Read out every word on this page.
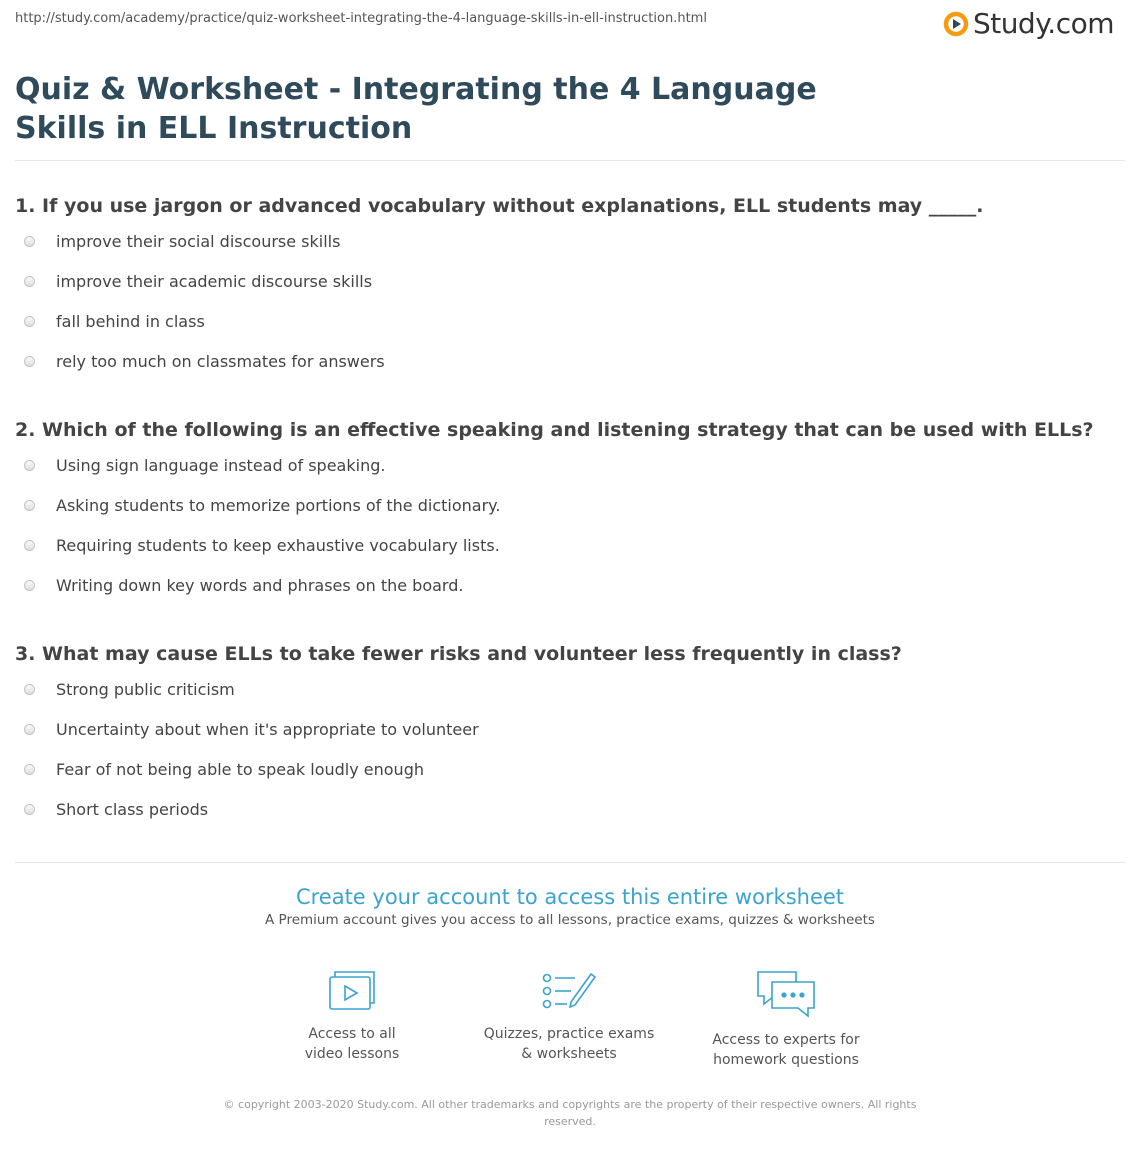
http://study.com/academy/practice/quiz-worksheet-integrating-the-4-language-skills-in-ell-instruction.html	Study.com
Quiz & Worksheet - Integrating the 4 Language Skills in ELL Instruction

1. If you use jargon or advanced vocabulary without explanations, ELL students may _____.

improve their social discourse skills
improve their academic discourse skills
fall behind in class
rely too much on classmates for answers

2. Which of the following is an effective speaking and listening strategy that can be used with ELLs?

Using sign language instead of speaking.
Asking students to memorize portions of the dictionary.
Requiring students to keep exhaustive vocabulary lists.
Writing down key words and phrases on the board.

3. What may cause ELLs to take fewer risks and volunteer less frequently in class?

Strong public criticism
Uncertainty about when it's appropriate to volunteer
Fear of not being able to speak loudly enough
Short class periods
Create your account to access this entire worksheet
A Premium account gives you access to all lessons, practice exams, quizzes & worksheets
Access to all
video lessons
Quizzes, practice exams
& worksheets
Access to experts for
homework questions
© copyright 2003-2020 Study.com. All other trademarks and copyrights are the property of their respective owners. All rights reserved.
